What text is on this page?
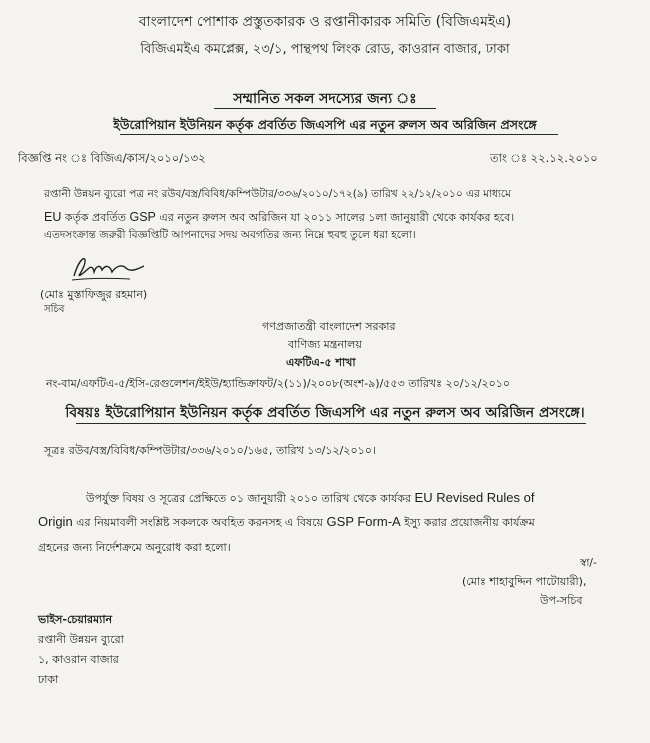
বাংলাদেশ পোশাক প্রস্তুতকারক ও রপ্তানীকারক সমিতি (বিজিএমইএ)
বিজিএমইএ কমপ্লেক্স, ২৩/১, পান্থপথ লিংক রোড, কাওরান বাজার, ঢাকা
সম্মানিত সকল সদস্যের জন্য ঃ
ইউরোপিয়ান ইউনিয়ন কর্তৃক প্রবর্তিত জিএসপি এর নতুন রুলস অব অরিজিন প্রসংঙ্গে
বিজ্ঞপ্তি নং ঃ বিজিএ/কাস/২০১০/১৩২	তাং ঃ ২২.১২.২০১০
রপ্তানী উন্নয়ন ব্যুরো পত্র নং রউব/বস্ত্র/বিবিধ/কম্পিউটার/৩৩৬/২০১০/১৭২(৯) তারিখ ২২/১২/২০১০ এর মাধ্যমে
EU কর্তৃক প্রবর্তিত GSP এর নতুন রুলস অব অরিজিন যা ২০১১ সালের ১লা জানুয়ারী থেকে কার্যকর হবে।
এতদসংক্রান্ত জরুরী বিজ্ঞপ্তিটি আপনাদের সদয় অবগতির জন্য নিম্নে হুবহু তুলে ধরা হলো।
(মোঃ মুস্তাফিজুর রহমান)
সচিব
গণপ্রজাতন্ত্রী বাংলাদেশ সরকার
বাণিজ্য মন্ত্রনালয়
এফটিএ-৫ শাখা
নং-বাম/এফটিএ-৫/ইসি-রেগুলেশন/ইইউ/হ্যান্ডিক্রাফট/২(১১)/২০০৮(অংশ-৯)/৫৫৩ তারিখঃ ২০/১২/২০১০
বিষয়ঃ ইউরোপিয়ান ইউনিয়ন কর্তৃক প্রবর্তিত জিএসপি এর নতুন রুলস অব অরিজিন প্রসংঙ্গে।
সূত্রঃ রউব/বস্ত্র/বিবিধ/কম্পিউটার/৩৩৬/২০১০/১৬৫, তারিখ ১৩/১২/২০১০।
উপর্যুক্ত বিষয় ও সূত্রের প্রেক্ষিতে ০১ জানুয়ারী ২০১০ তারিখ থেকে কার্যকর EU Revised Rules of
Origin এর নিয়মাবলী সংশ্লিষ্ট সকলকে অবহিত করনসহ এ বিষয়ে GSP Form-A ইস্যু করার প্রয়োজনীয় কার্যক্রম
গ্রহনের জন্য নির্দেশক্রমে অনুরোধ করা হলো।
স্বা/-
(মোঃ শাহাবুদ্দিন পাটোয়ারী),
উপ-সচিব
ভাইস-চেয়ারম্যান
রপ্তানী উন্নয়ন ব্যুরো
১, কাওরান বাজার
ঢাকা
